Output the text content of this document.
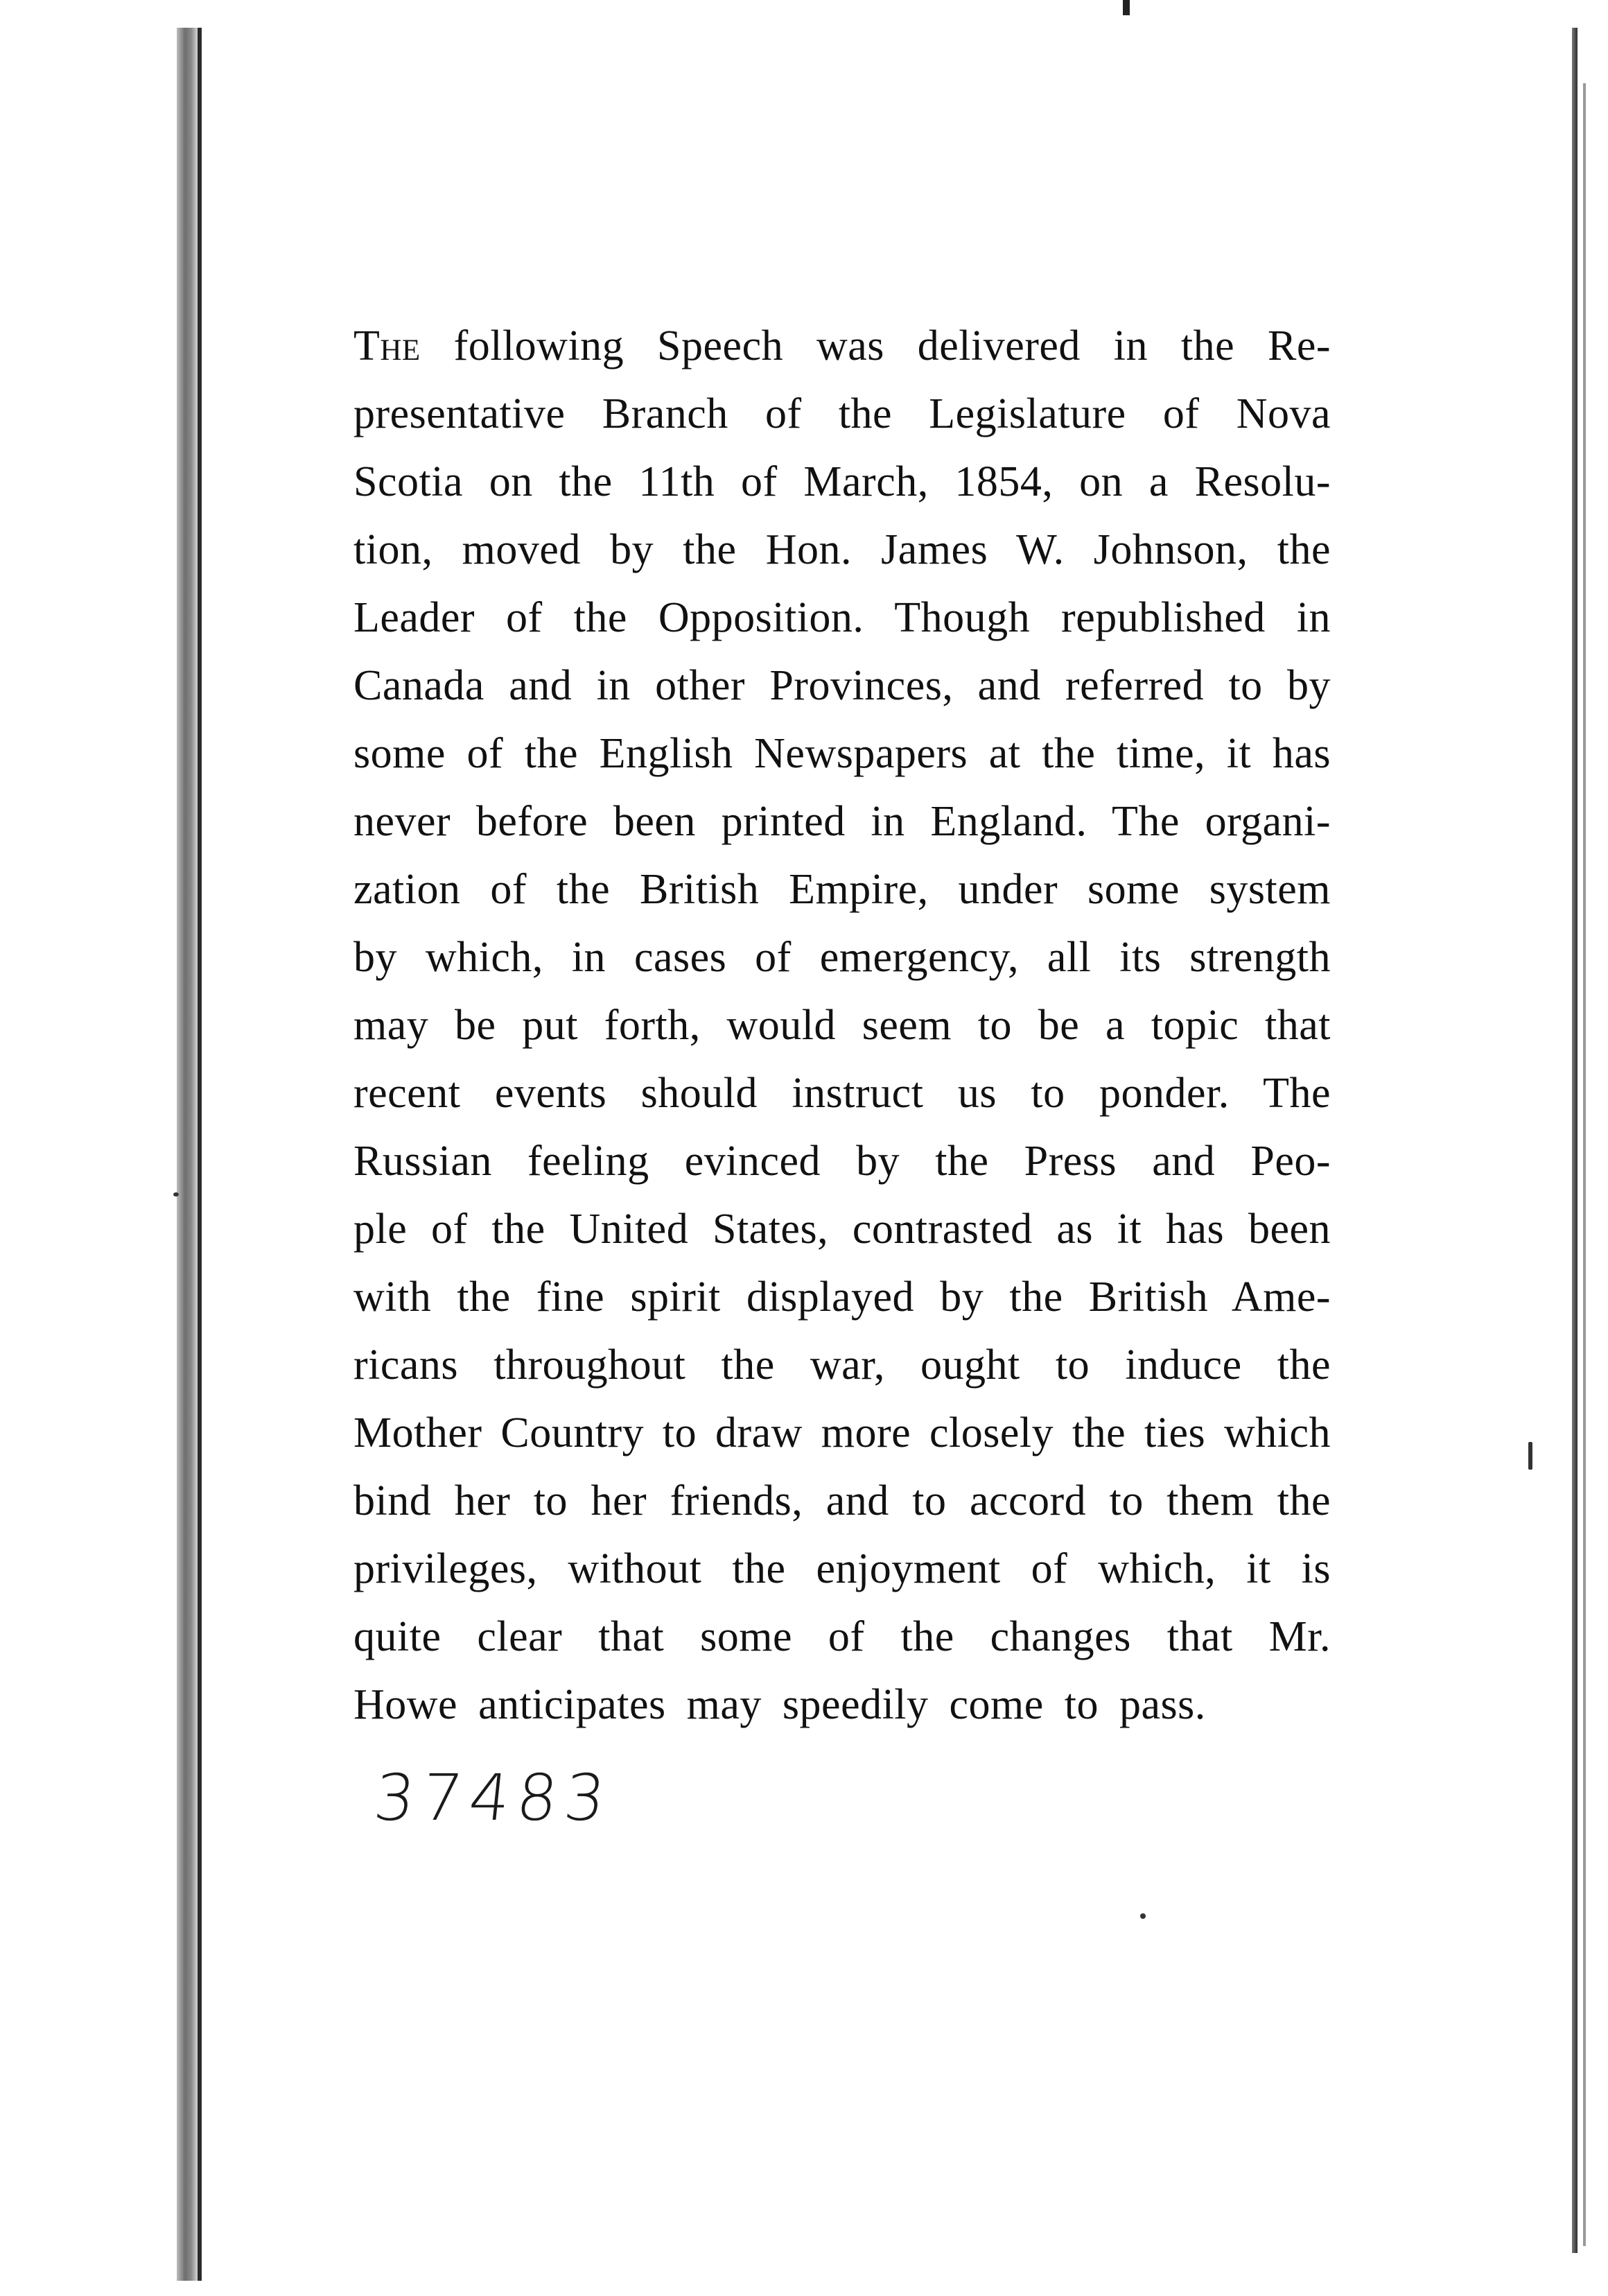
The following Speech was delivered in the Re-
presentative Branch of the Legislature of Nova
Scotia on the 11th of March, 1854, on a Resolu-
tion, moved by the Hon. James W. Johnson, the
Leader of the Opposition. Though republished in
Canada and in other Provinces, and referred to by
some of the English Newspapers at the time, it has
never before been printed in England. The organi-
zation of the British Empire, under some system
by which, in cases of emergency, all its strength
may be put forth, would seem to be a topic that
recent events should instruct us to ponder. The
Russian feeling evinced by the Press and Peo-
ple of the United States, contrasted as it has been
with the fine spirit displayed by the British Ame-
ricans throughout the war, ought to induce the
Mother Country to draw more closely the ties which
bind her to her friends, and to accord to them the
privileges, without the enjoyment of which, it is
quite clear that some of the changes that Mr.
Howe anticipates may speedily come to pass.
37483
